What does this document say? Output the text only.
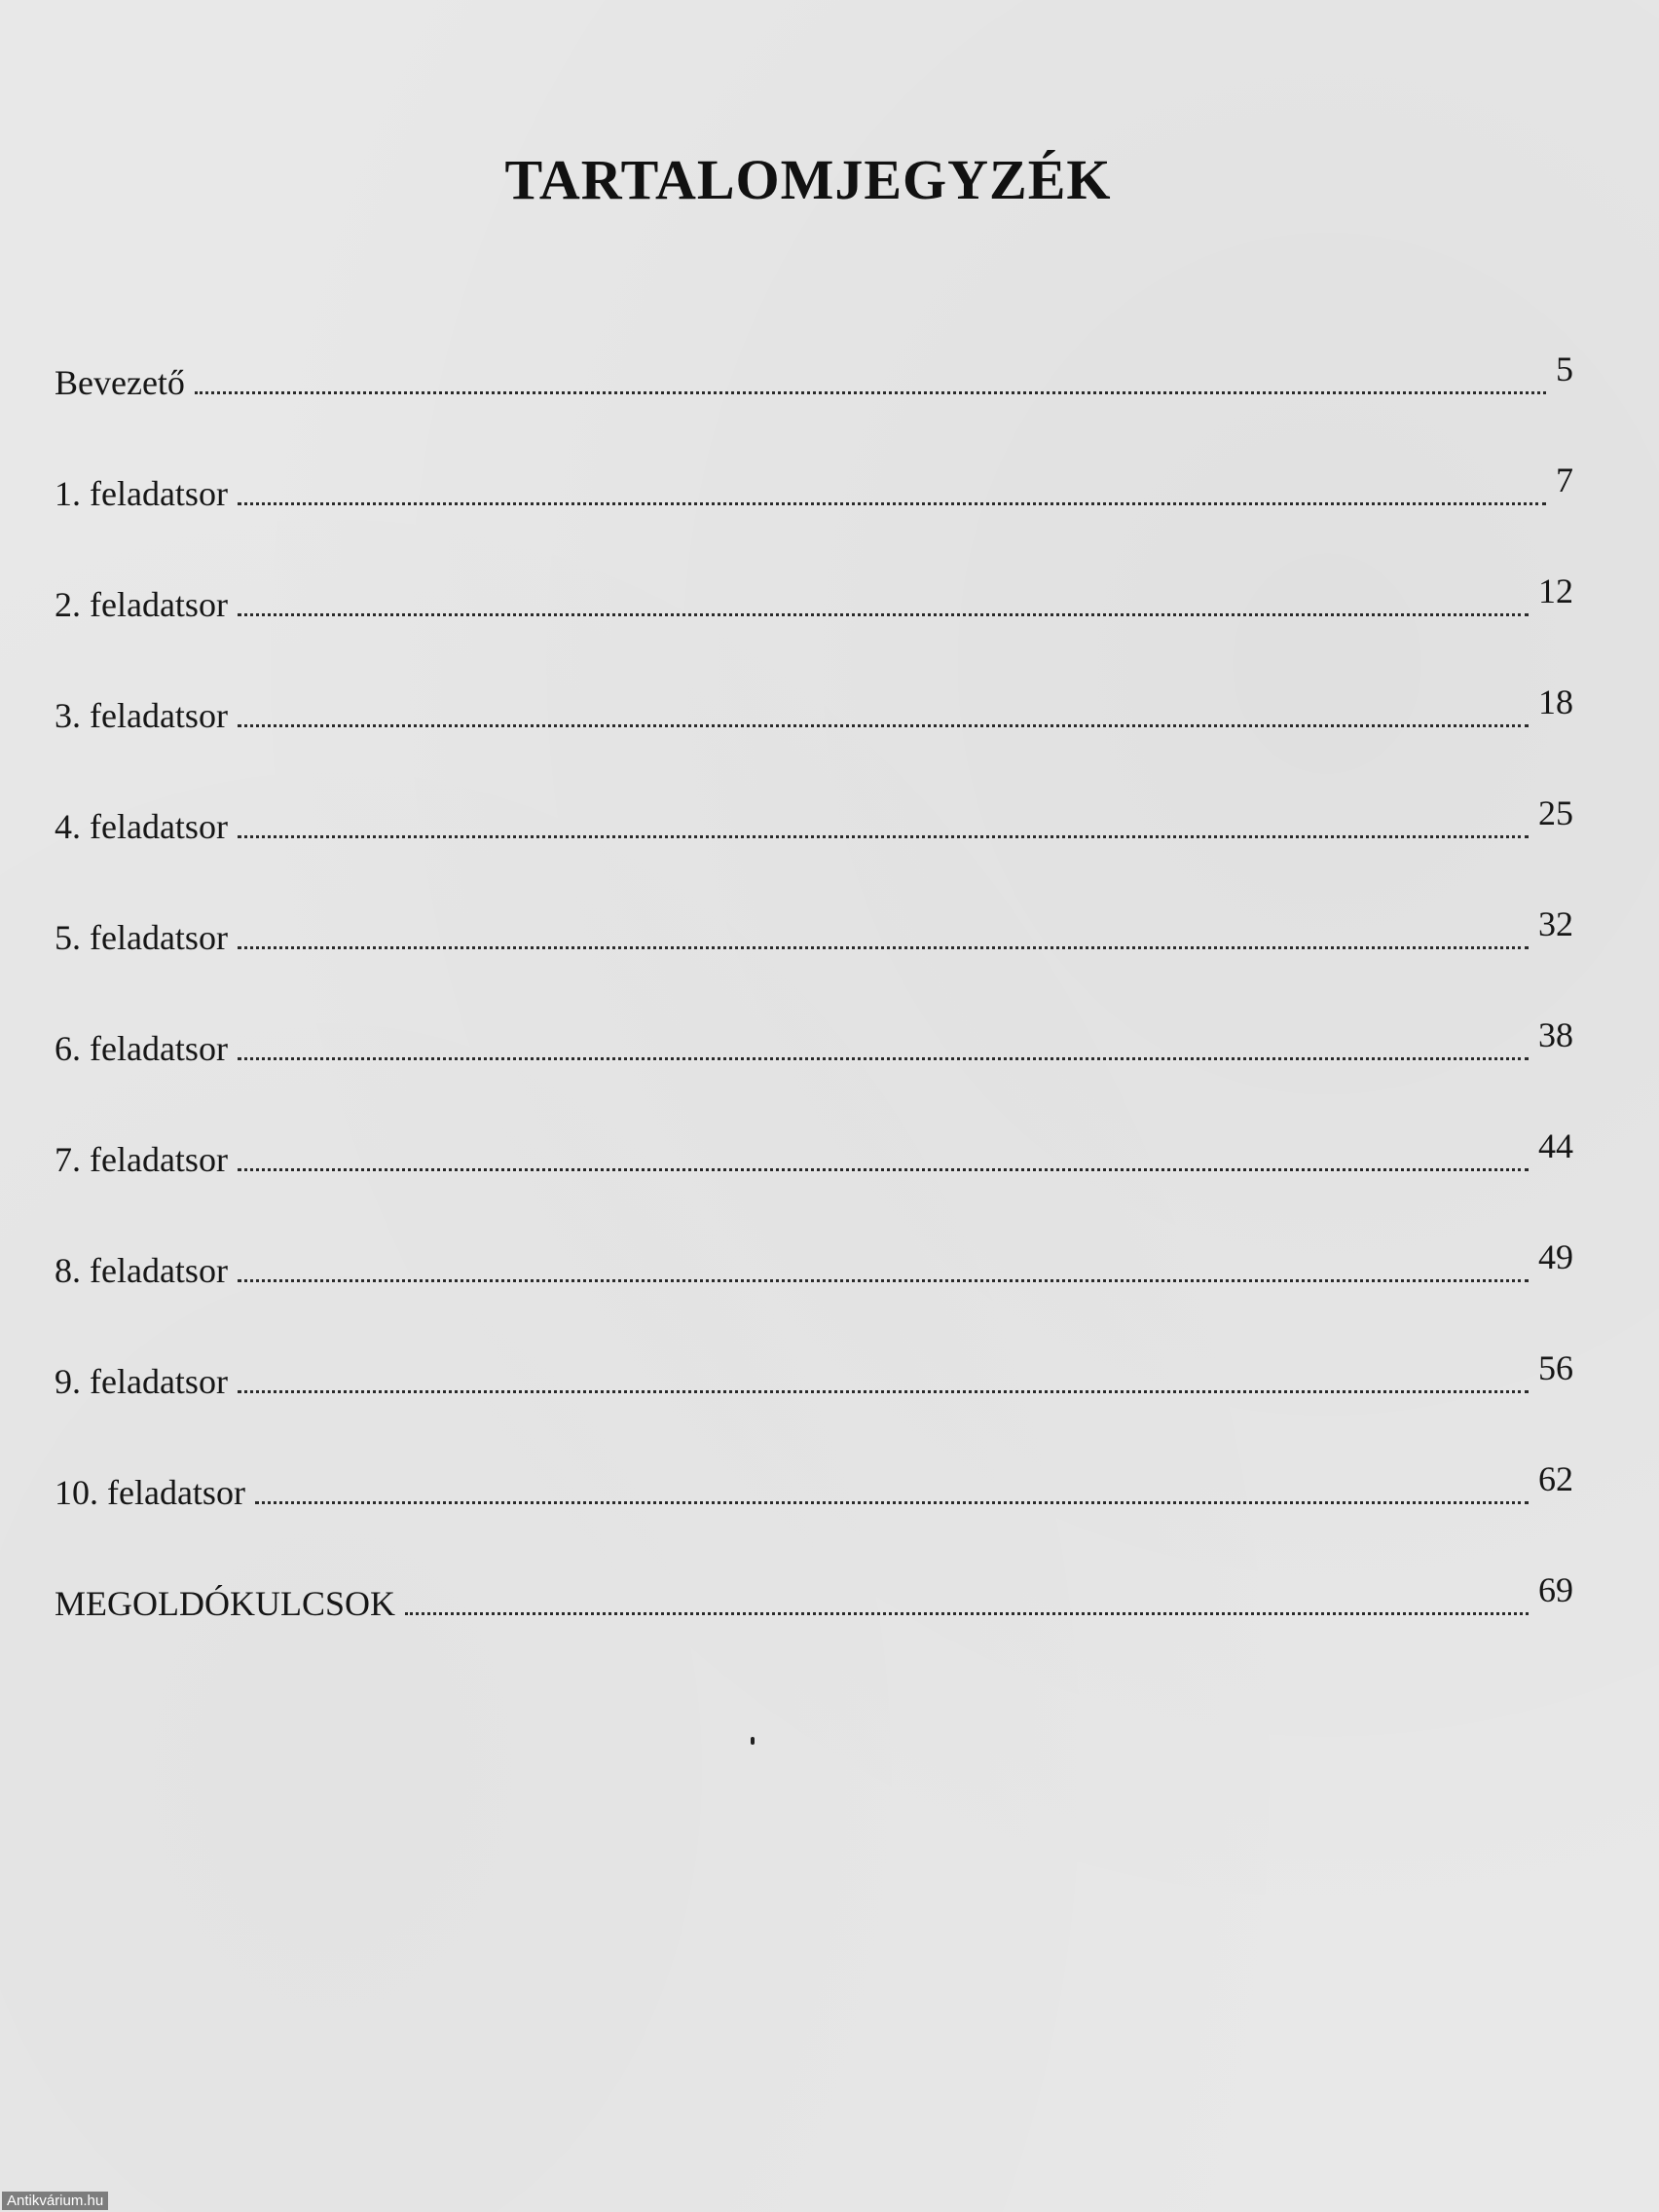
TARTALOMJEGYZÉK
Bevezető	5
1. feladatsor	7
2. feladatsor	12
3. feladatsor	18
4. feladatsor	25
5. feladatsor	32
6. feladatsor	38
7. feladatsor	44
8. feladatsor	49
9. feladatsor	56
10. feladatsor	62
MEGOLDÓKULCSOK	69
Antikvárium.hu
